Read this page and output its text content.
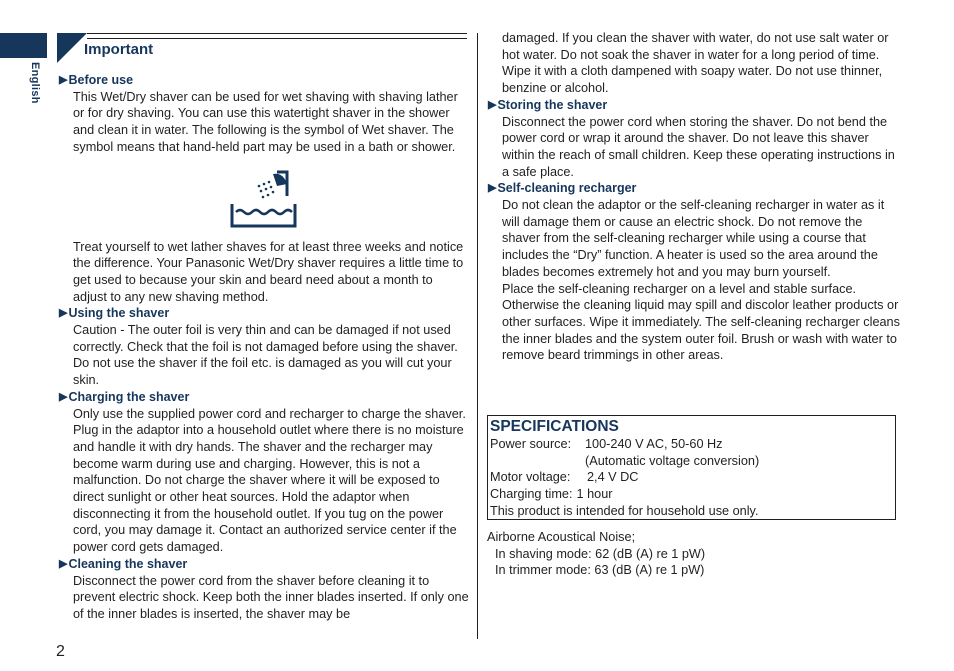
English
Important
▶ Before use
This Wet/Dry shaver can be used for wet shaving with shaving lather or for dry shaving. You can use this watertight shaver in the shower and clean it in water. The following is the symbol of Wet shaver. The symbol means that hand-held part may be used in a bath or shower.
Treat yourself to wet lather shaves for at least three weeks and notice the difference. Your Panasonic Wet/Dry shaver requires a little time to get used to because your skin and beard need about a month to adjust to any new shaving method.
▶ Using the shaver
Caution - The outer foil is very thin and can be damaged if not used correctly. Check that the foil is not damaged before using the shaver. Do not use the shaver if the foil etc. is damaged as you will cut your skin.
▶ Charging the shaver
Only use the supplied power cord and recharger to charge the shaver. Plug in the adaptor into a household outlet where there is no moisture and handle it with dry hands. The shaver and the recharger may become warm during use and charging. However, this is not a malfunction. Do not charge the shaver where it will be exposed to direct sunlight or other heat sources. Hold the adaptor when disconnecting it from the household outlet. If you tug on the power cord, you may damage it. Contact an authorized service center if the power cord gets damaged.
▶ Cleaning the shaver
Disconnect the power cord from the shaver before cleaning it to prevent electric shock. Keep both the inner blades inserted. If only one of the inner blades is inserted, the shaver may be
damaged. If you clean the shaver with water, do not use salt water or hot water. Do not soak the shaver in water for a long period of time. Wipe it with a cloth dampened with soapy water. Do not use thinner, benzine or alcohol.
▶ Storing the shaver
Disconnect the power cord when storing the shaver. Do not bend the power cord or wrap it around the shaver. Do not leave this shaver within the reach of small children. Keep these operating instructions in a safe place.
▶ Self-cleaning recharger
Do not clean the adaptor or the self-cleaning recharger in water as it will damage them or cause an electric shock. Do not remove the shaver from the self-cleaning recharger while using a course that includes the “Dry” function. A heater is used so the area around the blades becomes extremely hot and you may burn yourself.
Place the self-cleaning recharger on a level and stable surface. Otherwise the cleaning liquid may spill and discolor leather products or other surfaces. Wipe it immediately. The self-cleaning recharger cleans the inner blades and the system outer foil. Brush or wash with water to remove beard trimmings in other areas.
SPECIFICATIONS
Power source:	100-240 V AC, 50-60 Hz
(Automatic voltage conversion)
Motor voltage:	2,4 V DC
Charging time: 1 hour
This product is intended for household use only.
Airborne Acoustical Noise;
In shaving mode: 62 (dB (A) re 1 pW)
In trimmer mode: 63 (dB (A) re 1 pW)
2
